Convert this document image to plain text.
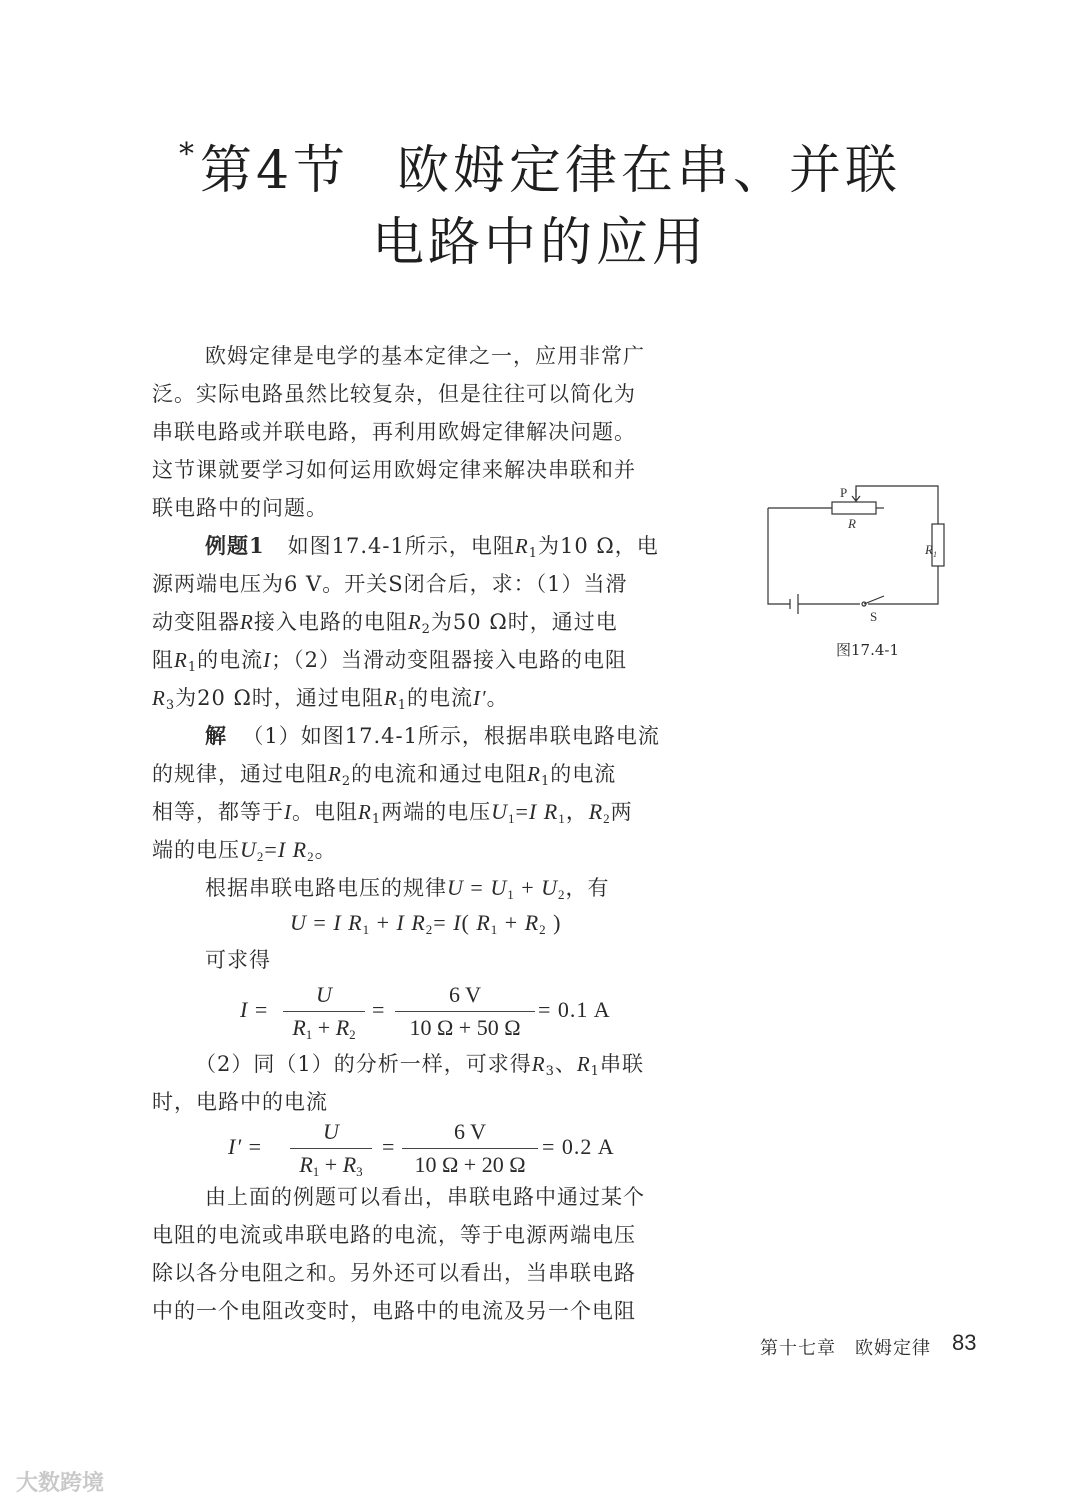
*第4节 欧姆定律在串、并联
电路中的应用
欧姆定律是电学的基本定律之一，应用非常广
泛。实际电路虽然比较复杂，但是往往可以简化为
串联电路或并联电路，再利用欧姆定律解决问题。
这节课就要学习如何运用欧姆定律来解决串联和并
联电路中的问题。
例题1 如图17.4-1所示，电阻$R_1$为10 Ω，电
源两端电压为6 V。开关S闭合后，求：（1）当滑
动变阻器R接入电路的电阻$R_2$为50 Ω时，通过电
阻$R_1$的电流I；（2）当滑动变阻器接入电路的电阻
$R_3$为20 Ω时，通过电阻$R_1$的电流I′。
解 （1）如图17.4-1所示，根据串联电路电流
的规律，通过电阻$R_2$的电流和通过电阻$R_1$的电流
相等，都等于I。电阻$R_1$两端的电压$U_1=I$ $R_1$，$R_2$两
端的电压$U_2=I$ $R_2$。
根据串联电路电压的规律$U = U_1 + U_2$，有
U = I $R_1 + I$ $R_2= I$( $R_1 + R_2$ )
可求得
I =
U
$R_1 + R_2$
=
6 V
10 Ω + 50 Ω
= 0.1 A
（2）同（1）的分析一样，可求得$R_3$、$R_1$串联
时，电路中的电流
I′ =
U
$R_1 + R_3$
=
6 V
10 Ω + 20 Ω
= 0.2 A
由上面的例题可以看出，串联电路中通过某个
电阻的电流或串联电路的电流，等于电源两端电压
除以各分电阻之和。另外还可以看出，当串联电路
中的一个电阻改变时，电路中的电流及另一个电阻
P
R
$R_1$
S
图17.4-1
第十七章　欧姆定律 83
大数跨境
